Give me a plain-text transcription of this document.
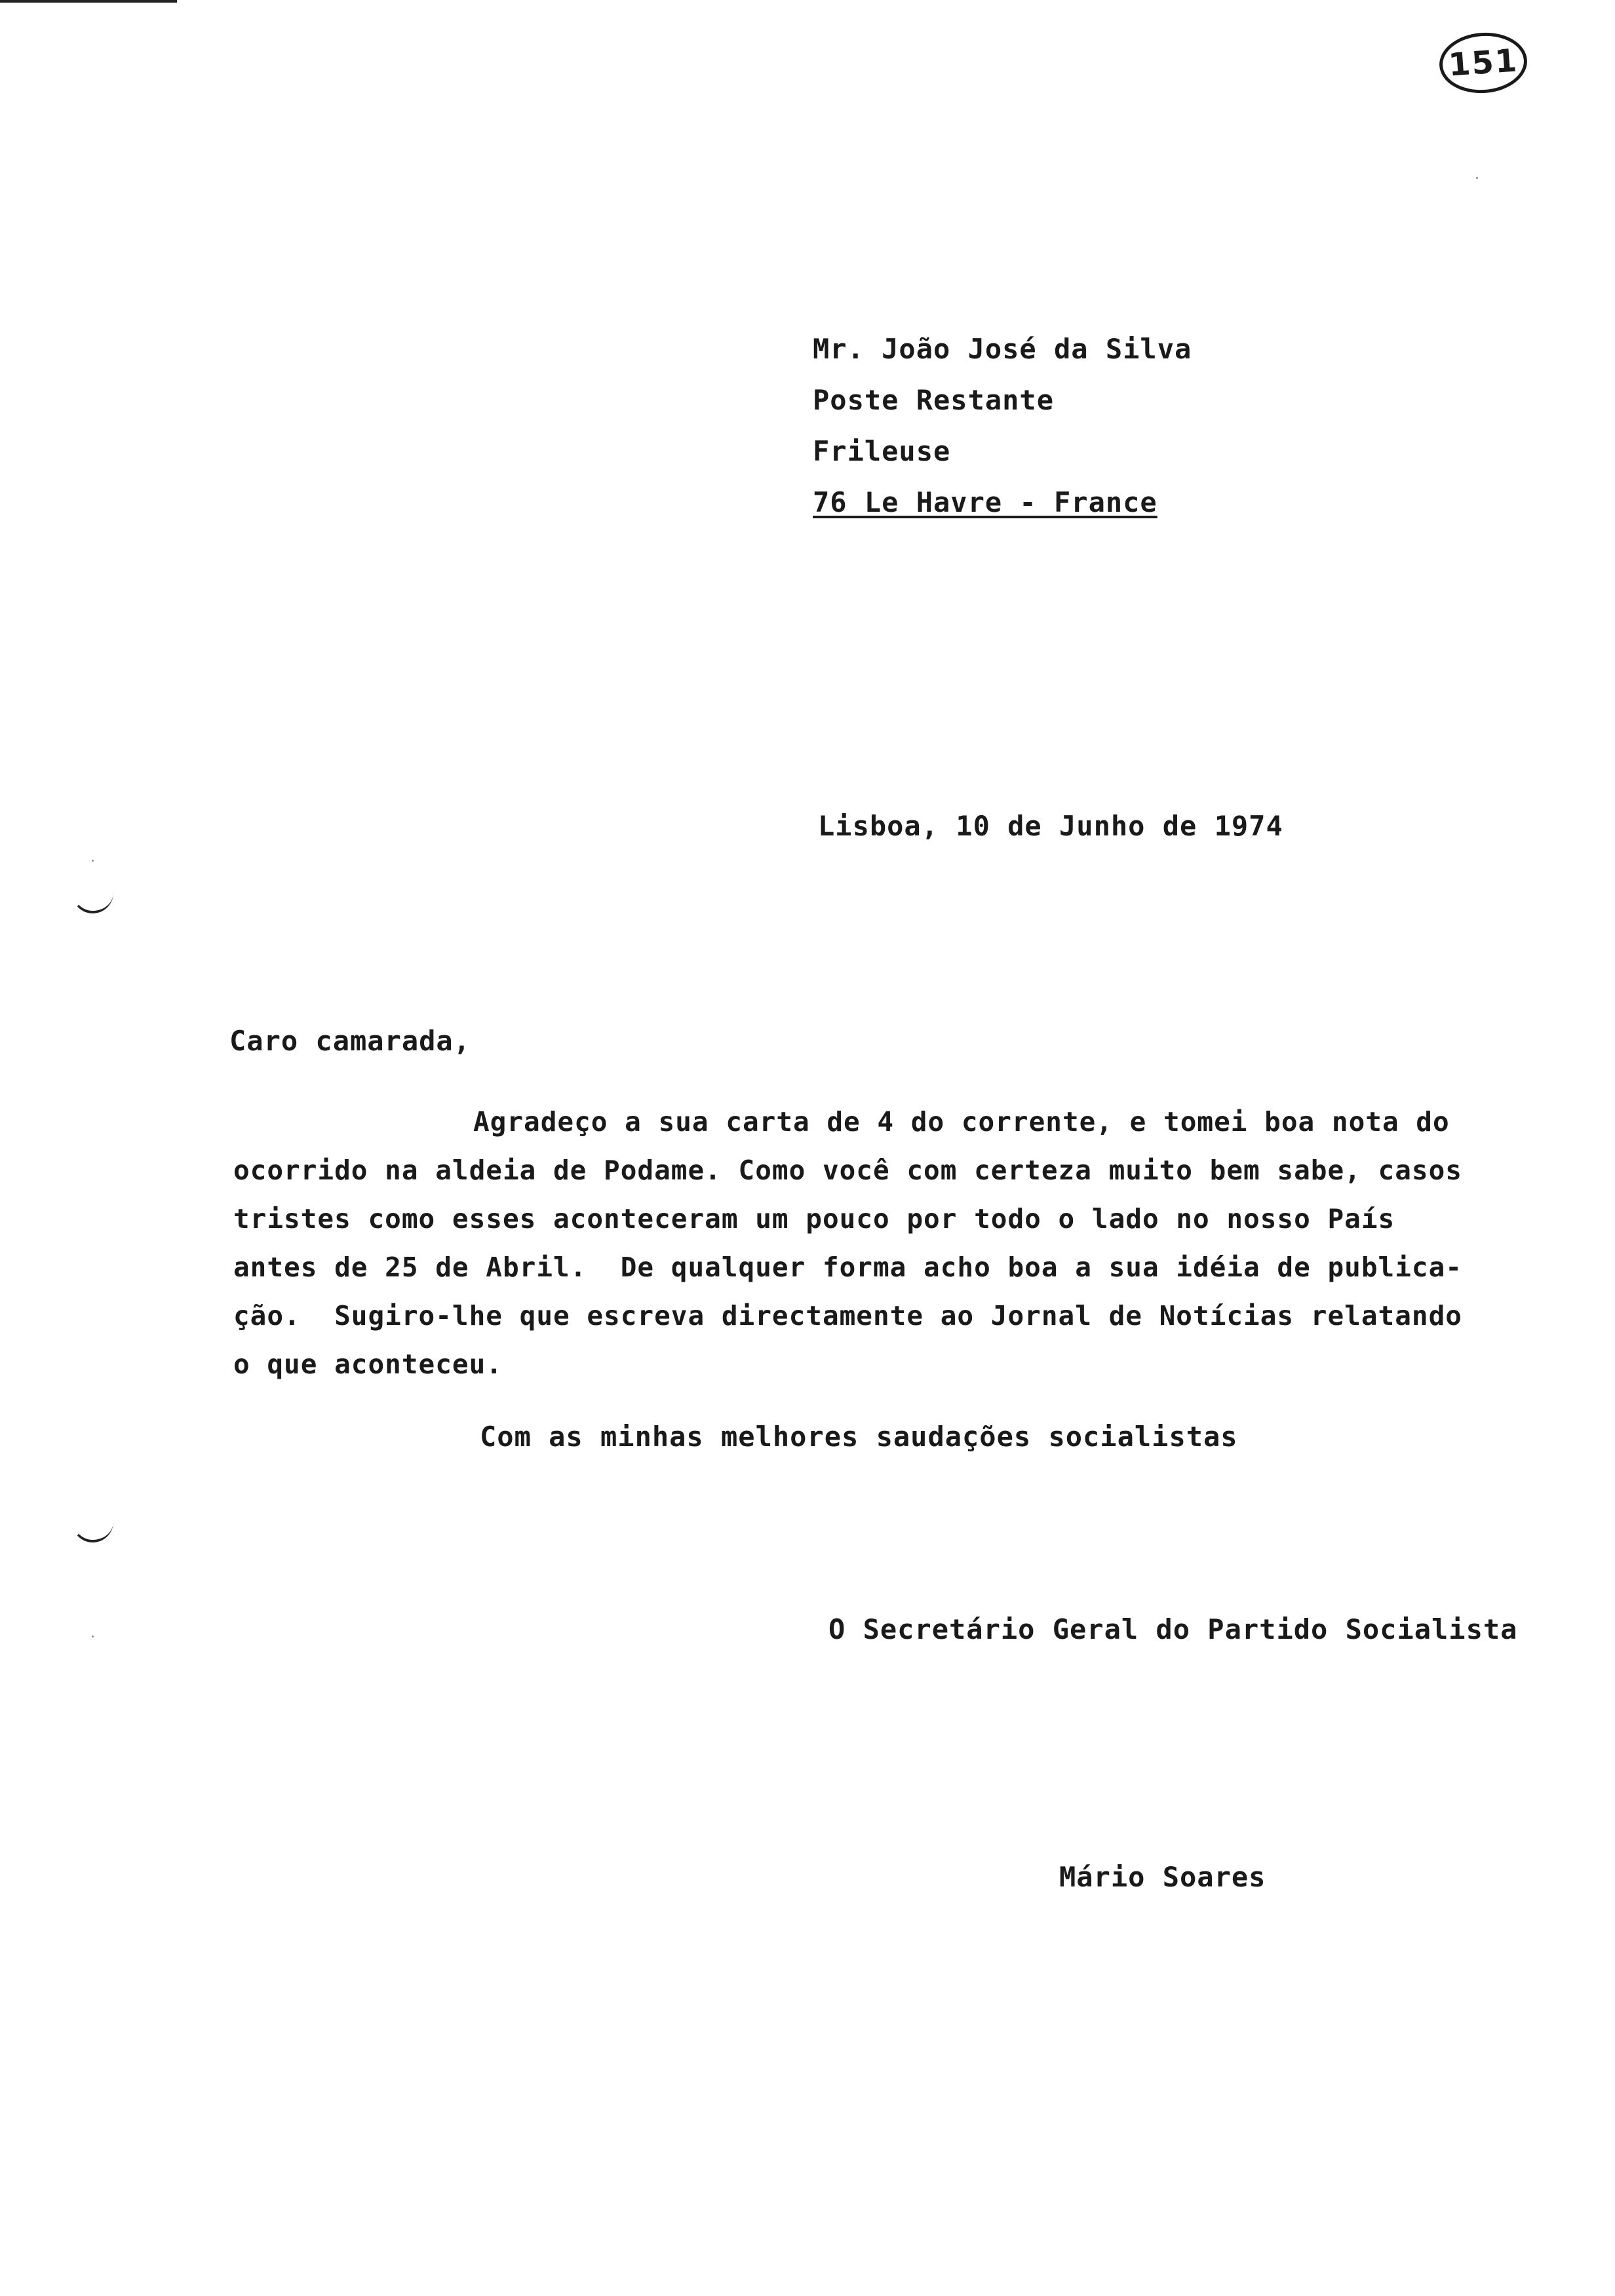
151
Mr. João José da Silva
Poste Restante
Frileuse
76 Le Havre - France
Lisboa, 10 de Junho de 1974
Caro camarada,
Agradeço a sua carta de 4 do corrente, e tomei boa nota do
ocorrido na aldeia de Podame. Como você com certeza muito bem sabe, casos
tristes como esses aconteceram um pouco por todo o lado no nosso País
antes de 25 de Abril.  De qualquer forma acho boa a sua idéia de publica-
ção.  Sugiro-lhe que escreva directamente ao Jornal de Notícias relatando
o que aconteceu.
Com as minhas melhores saudações socialistas
O Secretário Geral do Partido Socialista
Mário Soares
